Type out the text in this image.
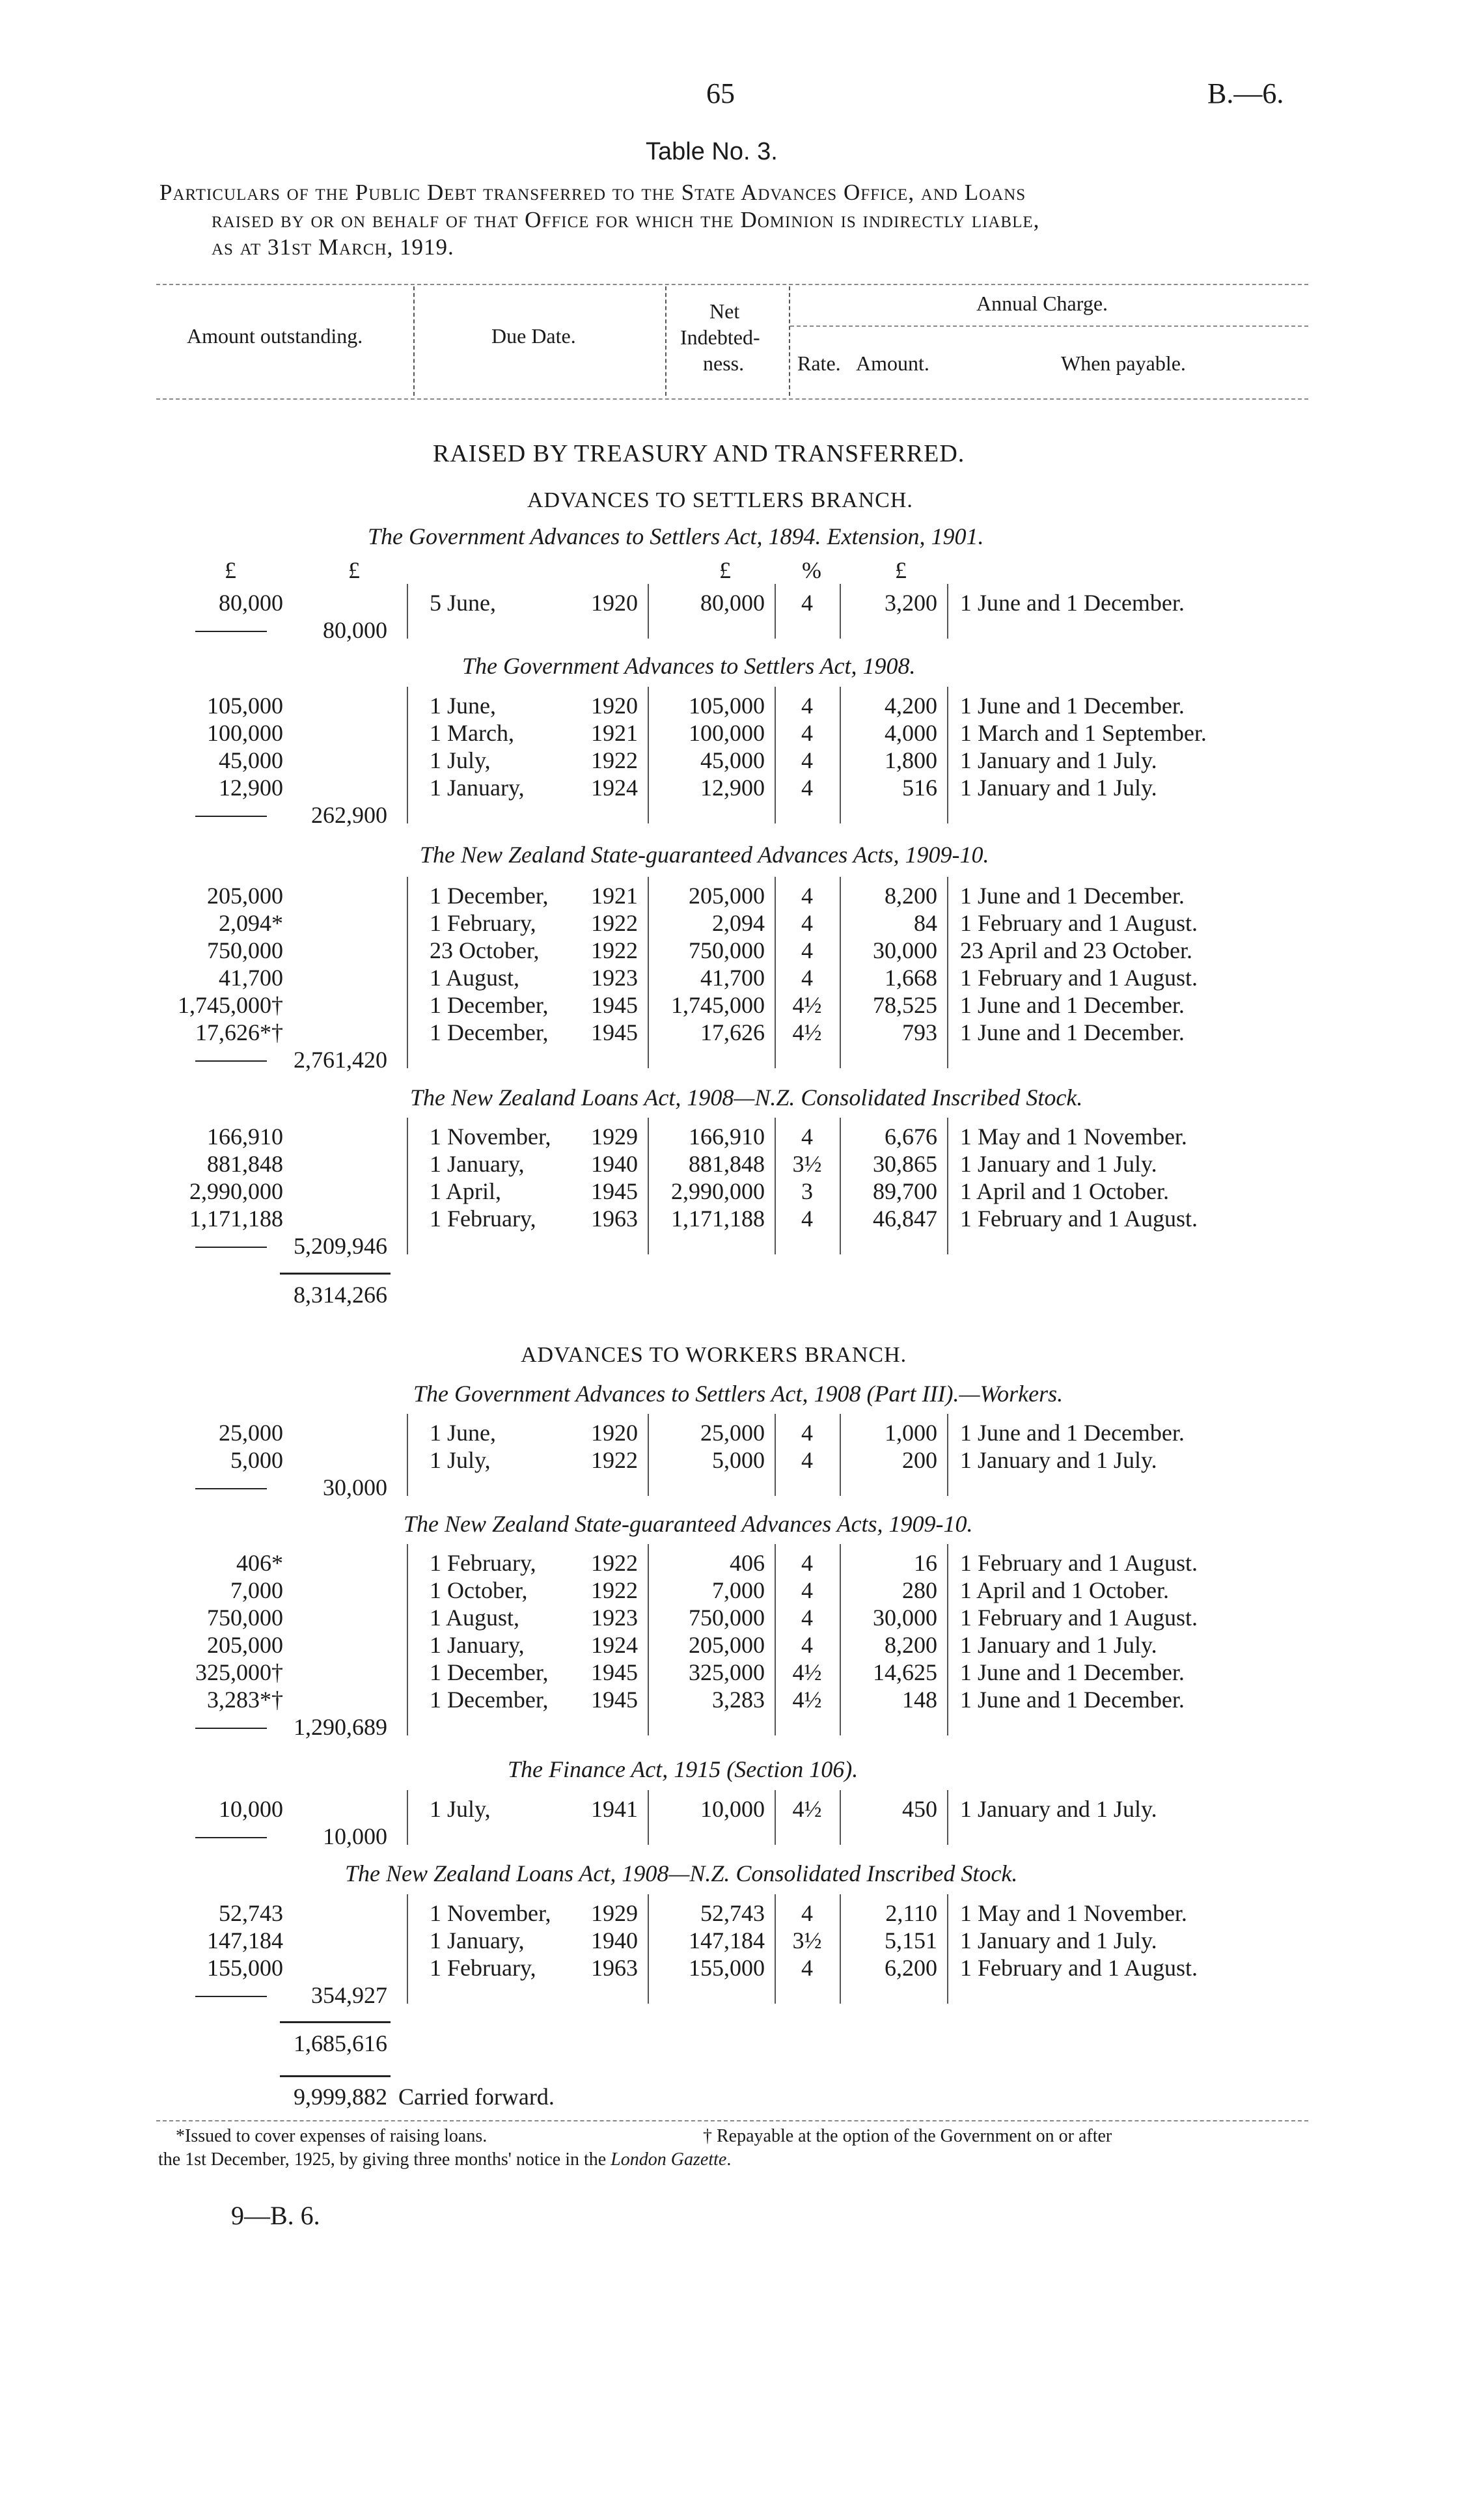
65	B.—6.
Table No. 3.
Particulars of the Public Debt transferred to the State Advances Office, and Loans
raised by or on behalf of that Office for which the Dominion is indirectly liable,
as at 31st March, 1919.
Amount outstanding.	Due Date.
Net
Indebted-
ness.
Annual Charge.
Rate. Amount.	When payable.
RAISED BY TREASURY AND TRANSFERRED.
ADVANCES TO SETTLERS BRANCH.
The Government Advances to Settlers Act, 1894. Extension, 1901.
The Government Advances to Settlers Act, 1908.
The New Zealand State-guaranteed Advances Acts, 1909-10.
The New Zealand Loans Act, 1908—N.Z. Consolidated Inscribed Stock.
ADVANCES TO WORKERS BRANCH.
The Government Advances to Settlers Act, 1908 (Part III).—Workers.
The New Zealand State-guaranteed Advances Acts, 1909-10.
The Finance Act, 1915 (Section 106).
The New Zealand Loans Act, 1908—N.Z. Consolidated Inscribed Stock.
£	£	£	%	£
80,000	5 June,	1920	80,000	4	3,200 1 June and 1 December.
80,000
105,000	1 June,	1920	105,000	4	4,200 1 June and 1 December.
100,000	1 March,	1921	100,000	4	4,000 1 March and 1 September.
45,000	1 July,	1922	45,000	4	1,800 1 January and 1 July.
12,900	1 January,	1924	12,900	4	516 1 January and 1 July.
262,900
205,000	1 December,	1921	205,000	4	8,200 1 June and 1 December.
2,094*	1 February,	1922	2,094	4	84 1 February and 1 August.
750,000	23 October,	1922	750,000	4	30,000 23 April and 23 October.
41,700	1 August,	1923	41,700	4	1,668 1 February and 1 August.
1,745,000†	1 December,	1945	1,745,000	4½	78,525 1 June and 1 December.
17,626*†	1 December,	1945	17,626	4½	793 1 June and 1 December.
2,761,420
166,910	1 November,	1929	166,910	4	6,676 1 May and 1 November.
881,848	1 January,	1940	881,848	3½	30,865 1 January and 1 July.
2,990,000	1 April,	1945	2,990,000	3	89,700 1 April and 1 October.
1,171,188	1 February,	1963	1,171,188	4	46,847 1 February and 1 August.
5,209,946
25,000	1 June,	1920	25,000	4	1,000 1 June and 1 December.
5,000	1 July,	1922	5,000	4	200 1 January and 1 July.
30,000
406*	1 February,	1922	406	4	16 1 February and 1 August.
7,000	1 October,	1922	7,000	4	280 1 April and 1 October.
750,000	1 August,	1923	750,000	4	30,000 1 February and 1 August.
205,000	1 January,	1924	205,000	4	8,200 1 January and 1 July.
325,000†	1 December,	1945	325,000	4½	14,625 1 June and 1 December.
3,283*†	1 December,	1945	3,283	4½	148 1 June and 1 December.
1,290,689
10,000	1 July,	1941	10,000	4½	450 1 January and 1 July.
10,000
52,743	1 November,	1929	52,743	4	2,110 1 May and 1 November.
147,184	1 January,	1940	147,184	3½	5,151 1 January and 1 July.
155,000	1 February,	1963	155,000	4	6,200 1 February and 1 August.
354,927
8,314,266
1,685,616
9,999,882 Carried forward.
*Issued to cover expenses of raising loans.	† Repayable at the option of the Government on or after
the 1st December, 1925, by giving three months' notice in the London Gazette.
9—B. 6.
